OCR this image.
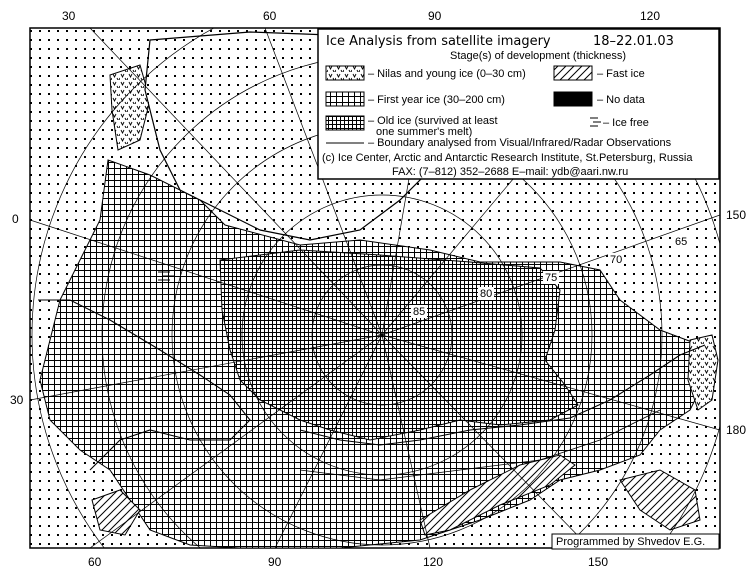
85
80
75
70
65
30	60	90	120
60	90	120	150
0
30
150
180
Ice Analysis from satellite imagery	18–22.01.03
Stage(s) of development (thickness)
– Nilas and young ice (0–30 cm)	– Fast ice
– First year ice (30–200 cm)	– No data
– Old ice (survived at least
one summer's melt)
– Ice free
– Boundary analysed from Visual/Infrared/Radar Observations
(c) Ice Center, Arctic and Antarctic Research Institute, St.Petersburg, Russia
FAX: (7–812) 352–2688 E–mail: ydb@aari.nw.ru
Programmed by Shvedov E.G.
